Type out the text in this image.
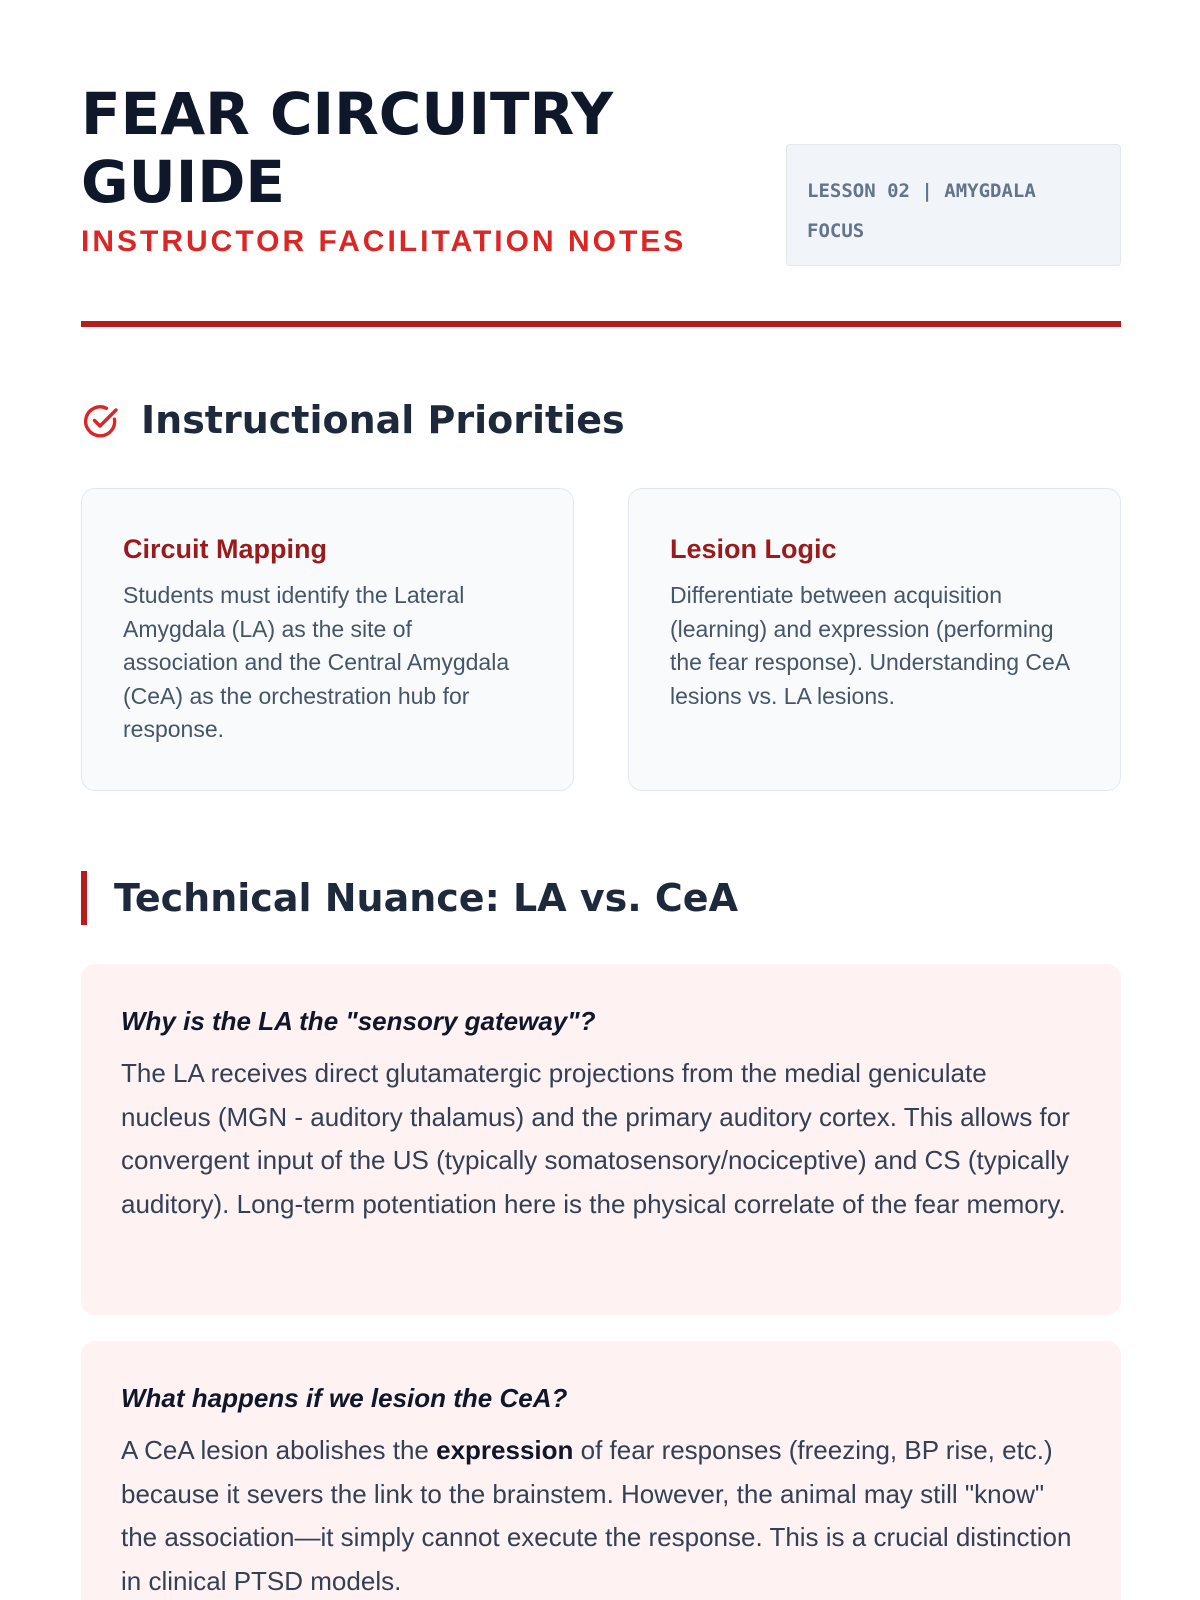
FEAR CIRCUITRY
GUIDE
INSTRUCTOR FACILITATION NOTES
LESSON 02 | AMYGDALA
FOCUS
Instructional Priorities
Circuit Mapping

Students must identify the Lateral Amygdala (LA) as the site of association and the Central Amygdala (CeA) as the orchestration hub for response.

Lesion Logic

Differentiate between acquisition (learning) and expression (performing the fear response). Understanding CeA lesions vs. LA lesions.

Technical Nuance: LA vs. CeA
Why is the LA the "sensory gateway"?

The LA receives direct glutamatergic projections from the medial geniculate nucleus (MGN - auditory thalamus) and the primary auditory cortex. This allows for convergent input of the US (typically somatosensory/nociceptive) and CS (typically auditory). Long-term potentiation here is the physical correlate of the fear memory.

What happens if we lesion the CeA?

A CeA lesion abolishes the expression of fear responses (freezing, BP rise, etc.) because it severs the link to the brainstem. However, the animal may still "know" the association—it simply cannot execute the response. This is a crucial distinction in clinical PTSD models.
